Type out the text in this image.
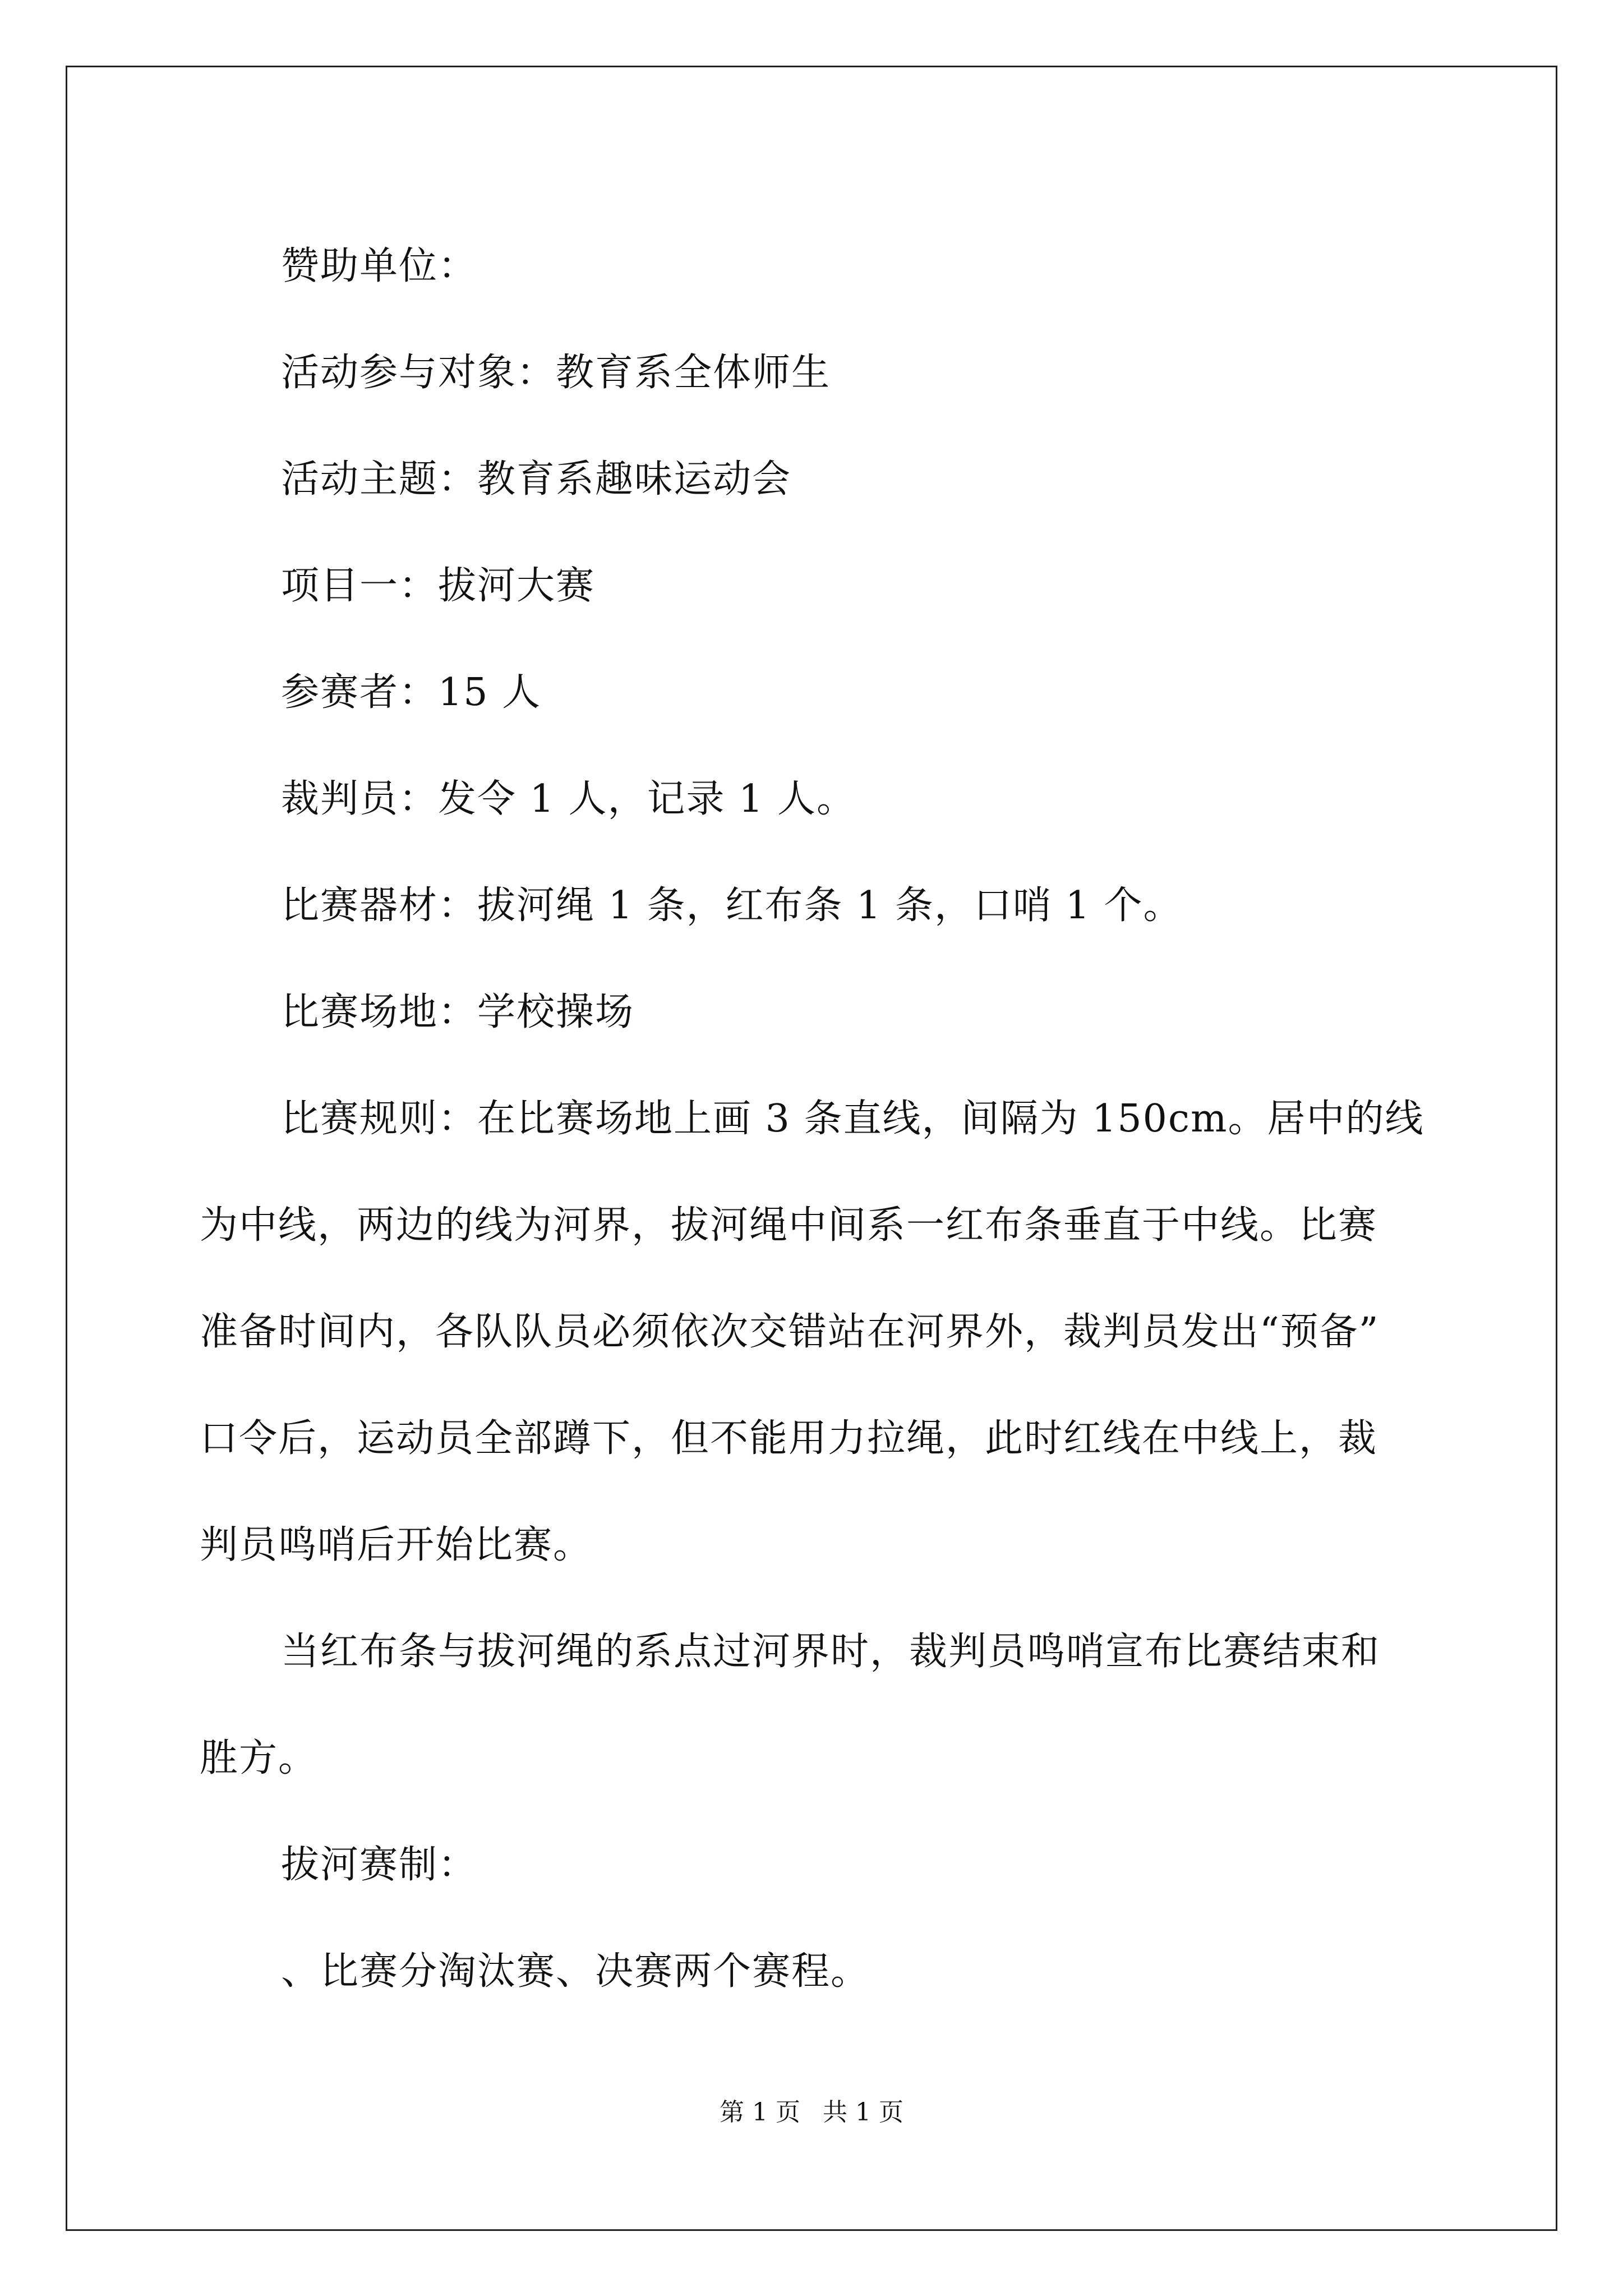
赞助单位：
活动参与对象：教育系全体师生
活动主题：教育系趣味运动会
项目一：拔河大赛
参赛者：15 人
裁判员：发令 1 人，记录 1 人。
比赛器材：拔河绳 1 条，红布条 1 条，口哨 1 个。
比赛场地：学校操场
比赛规则：在比赛场地上画 3 条直线，间隔为 150cm。居中的线
为中线，两边的线为河界，拔河绳中间系一红布条垂直于中线。比赛
准备时间内，各队队员必须依次交错站在河界外，裁判员发出“预备”
口令后，运动员全部蹲下，但不能用力拉绳，此时红线在中线上，裁
判员鸣哨后开始比赛。
当红布条与拔河绳的系点过河界时，裁判员鸣哨宣布比赛结束和
胜方。
拔河赛制：
、比赛分淘汰赛、决赛两个赛程。
第 1 页 共 1 页
